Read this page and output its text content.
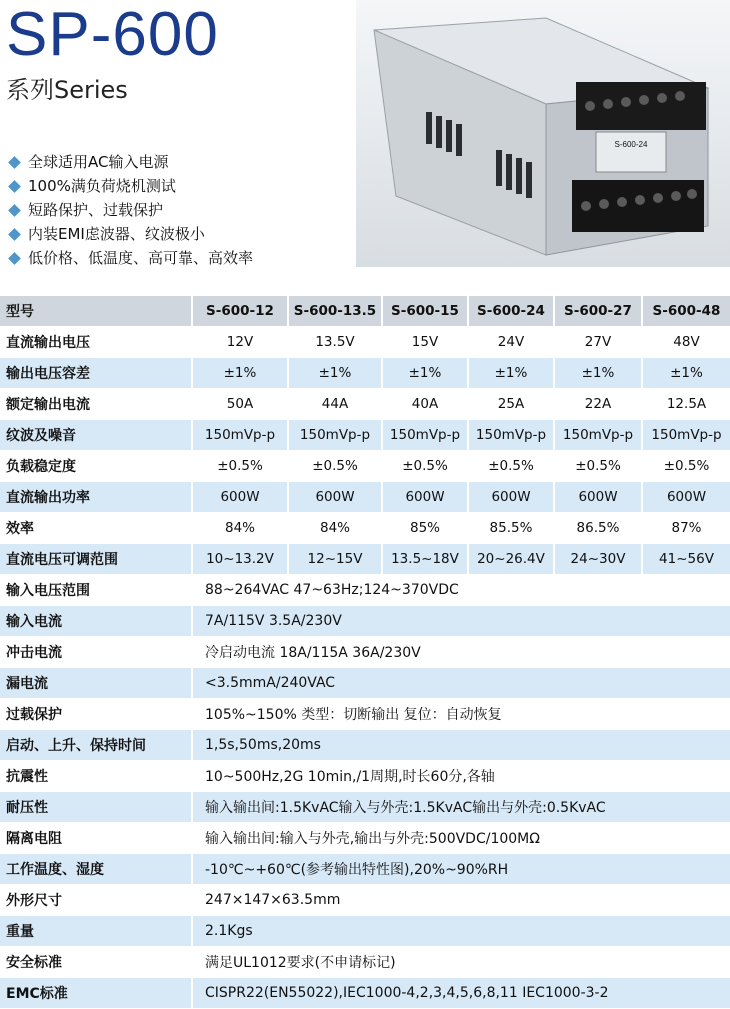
SP-600
系列Series
全球适用AC输入电源
100%满负荷烧机测试
短路保护、过载保护
内装EMI虑波器、纹波极小
低价格、低温度、高可靠、高效率
S-600-24
型号	S-600-12	S-600-13.5	S-600-15	S-600-24	S-600-27	S-600-48
直流输出电压	12V	13.5V	15V	24V	27V	48V
输出电压容差	±1%	±1%	±1%	±1%	±1%	±1%
额定输出电流	50A	44A	40A	25A	22A	12.5A
纹波及噪音	150mVp-p	150mVp-p	150mVp-p	150mVp-p	150mVp-p	150mVp-p
负载稳定度	±0.5%	±0.5%	±0.5%	±0.5%	±0.5%	±0.5%
直流输出功率	600W	600W	600W	600W	600W	600W
效率	84%	84%	85%	85.5%	86.5%	87%
直流电压可调范围	10~13.2V	12~15V	13.5~18V	20~26.4V	24~30V	41~56V
输入电压范围	88~264VAC 47~63Hz;124~370VDC					
输入电流	7A/115V 3.5A/230V					
冲击电流	冷启动电流 18A/115A 36A/230V					
漏电流	<3.5mmA/240VAC					
过载保护	105%~150% 类型：切断输出 复位：自动恢复					
启动、上升、保持时间	1,5s,50ms,20ms					
抗震性	10~500Hz,2G 10min,/1周期,时长60分,各轴					
耐压性	输入输出间:1.5KvAC输入与外壳:1.5KvAC输出与外壳:0.5KvAC					
隔离电阻	输入输出间:输入与外壳,输出与外壳:500VDC/100MΩ					
工作温度、湿度	-10℃~+60℃(参考输出特性图),20%~90%RH					
外形尺寸	247×147×63.5mm					
重量	2.1Kgs					
安全标准	满足UL1012要求(不申请标记)					
EMC标准	CISPR22(EN55022),IEC1000-4,2,3,4,5,6,8,11 IEC1000-3-2					
